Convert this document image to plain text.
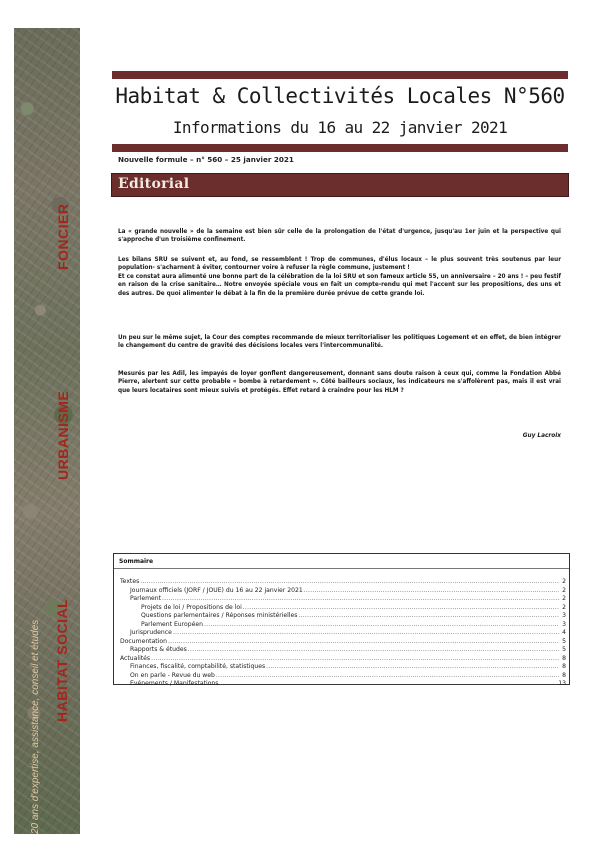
FONCIER
URBANISME
HABITAT SOCIAL
20 ans d'expertise, assistance, conseil et études
Habitat & Collectivités Locales N°560
Informations du 16 au 22 janvier 2021
Nouvelle formule – n° 560 – 25 janvier 2021
Editorial
La « grande nouvelle » de la semaine est bien sûr celle de la prolongation de l'état d'urgence, jusqu'au 1er juin et la perspective qui s'approche d'un troisième confinement.
Les bilans SRU se suivent et, au fond, se ressemblent ! Trop de communes, d'élus locaux – le plus souvent très soutenus par leur population- s'acharnent à éviter, contourner voire à refuser la règle commune, justement !
Et ce constat aura alimenté une bonne part de la célébration de la loi SRU et son fameux article 55, un anniversaire – 20 ans ! – peu festif en raison de la crise sanitaire… Notre envoyée spéciale vous en fait un compte-rendu qui met l'accent sur les propositions, des uns et des autres. De quoi alimenter le débat à la fin de la première durée prévue de cette grande loi.
Un peu sur le même sujet, la Cour des comptes recommande de mieux territorialiser les politiques Logement et en effet, de bien intégrer le changement du centre de gravité des décisions locales vers l'intercommunalité.
Mesurés par les Adil, les impayés de loyer gonflent dangereusement, donnant sans doute raison à ceux qui, comme la Fondation Abbé Pierre, alertent sur cette probable « bombe à retardement ». Côté bailleurs sociaux, les indicateurs ne s'affolèrent pas, mais il est vrai que leurs locataires sont mieux suivis et protégés. Effet retard à craindre pour les HLM ?
Guy Lacroix
Sommaire
Textes .....	2
Journaux officiels (JORF / JOUE) du 16 au 22 janvier 2021 .....	2
Parlement .....	2
Projets de loi / Propositions de loi .....	2
Questions parlementaires / Réponses ministérielles .....	3
Parlement Européen .....	3
Jurisprudence .....	4
Documentation .....	5
Rapports & études .....	5
Actualités .....	8
Finances, fiscalité, comptabilité, statistiques .....	8
On en parle - Revue du web .....	8
Evénements / Manifestations .....	13
